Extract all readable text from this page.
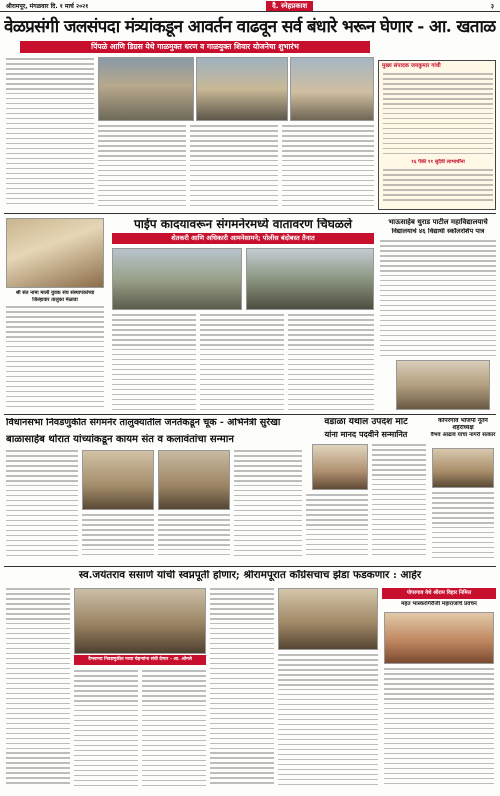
श्रीरामपूर, मंगळवार दि. १ मार्च २०२१	दै. स्नेहप्रकाश	३
वेळप्रसंगी जलसंपदा मंत्र्यांकडून आवर्तन वाढवून सर्व बंधारे भरून घेणार - आ. खताळ
पिंपळे आणि डिग्रस येथे गाळमुक्त धरण व गाळयुक्त शिवार योजनेचा शुभारंभ
मुख्य संपादक जयकुमार गांधी
१६ पैकी ११ सुदैवी लाभार्थींना
पाईप कादयावरून संगमनेरमध्ये वातावरण चिघळले
शेतकरी आणि अधिकारी आमनेसामने; पोलीस बंदोबस्त तैनात
श्री संत नामा माली युवक संघ संस्थापकांच्या
जिल्हावार तालुका मेळावा
भाऊसाहेब थुराड पाटील महाविद्यालयाचे
विद्यालयाचे ४६ विद्यार्थी स्कॉलरशिप पात्र
विधानसभा निवडणुकीत संगमनेर तालुक्यातील जनतेकडून चूक - अभिनेत्री सुरेखा
बाळासाहेब थोरात यांच्यांकडून कायम संत व कलावंतांचा सन्मान
वडाळा येथील उपदेश मोटे
यांना मानद पदवीने सन्मानित
कोपरगाव भाजपा नूतन शहराध्यक्ष
वैभव आढाव यांचा नागरी सत्कार
स्व.जयंतराव ससाणे यांची स्वप्नपूर्ती होणार; श्रीरामपूरात काँग्रेसचाच झेंडा फडकणार : आहेर
वैभवण्या निवडणुकीत नव्या चेहऱ्यांना संधी देणार - आ. ओगले
पोपरगाव येथे श्रीराम विहार निमित्त
महंत भास्करगिरीजी महाराजांचे प्रवचन
